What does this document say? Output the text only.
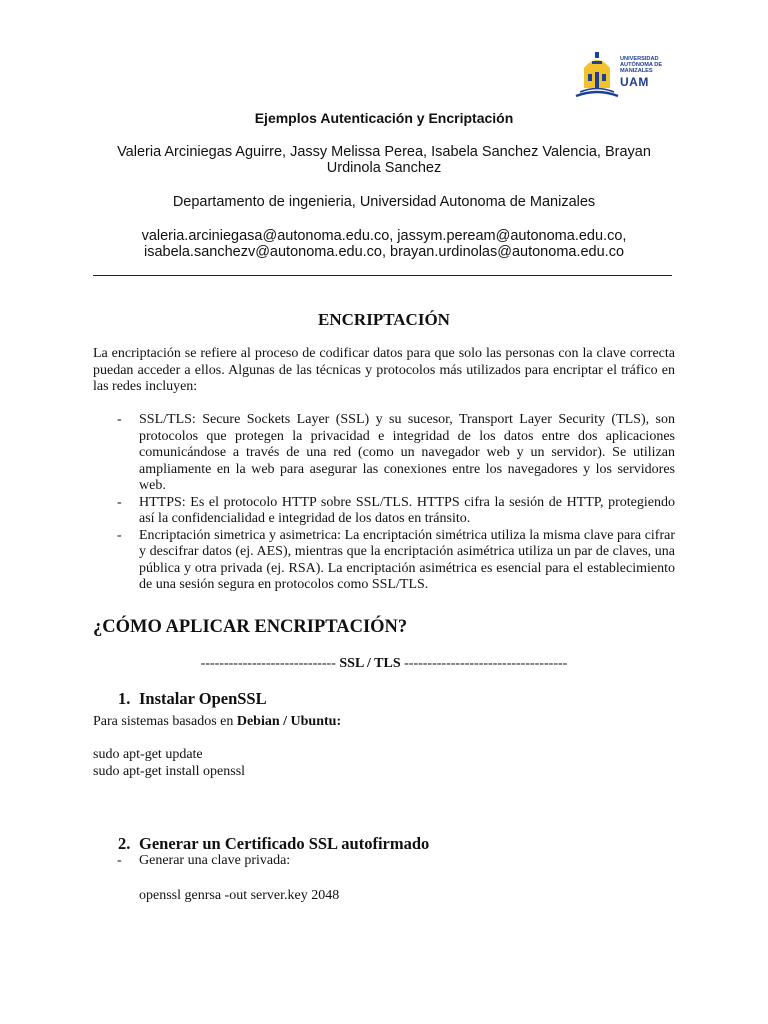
UNIVERSIDAD
AUTÓNOMA DE
MANIZALES
UAM
Ejemplos Autenticación y Encriptación
Valeria Arciniegas Aguirre, Jassy Melissa Perea, Isabela Sanchez Valencia, Brayan
Urdinola Sanchez
Departamento de ingenieria, Universidad Autonoma de Manizales
valeria.arciniegasa@autonoma.edu.co, jassym.peream@autonoma.edu.co,
isabela.sanchezv@autonoma.edu.co, brayan.urdinolas@autonoma.edu.co
ENCRIPTACIÓN
La encriptación se refiere al proceso de codificar datos para que solo las personas con la clave correcta puedan acceder a ellos. Algunas de las técnicas y protocolos más utilizados para encriptar el tráfico en las redes incluyen:
- SSL/TLS: Secure Sockets Layer (SSL) y su sucesor, Transport Layer Security (TLS), son protocolos que protegen la privacidad e integridad de los datos entre dos aplicaciones comunicándose a través de una red (como un navegador web y un servidor). Se utilizan ampliamente en la web para asegurar las conexiones entre los navegadores y los servidores web.
- HTTPS: Es el protocolo HTTP sobre SSL/TLS. HTTPS cifra la sesión de HTTP, protegiendo así la confidencialidad e integridad de los datos en tránsito.
- Encriptación simetrica y asimetrica: La encriptación simétrica utiliza la misma clave para cifrar y descifrar datos (ej. AES), mientras que la encriptación asimétrica utiliza un par de claves, una pública y otra privada (ej. RSA). La encriptación asimétrica es esencial para el establecimiento de una sesión segura en protocolos como SSL/TLS.
¿CÓMO APLICAR ENCRIPTACIÓN?
----------------------------- SSL / TLS -----------------------------------
1. Instalar OpenSSL
Para sistemas basados en Debian / Ubuntu:
sudo apt-get update
sudo apt-get install openssl
2. Generar un Certificado SSL autofirmado
- Generar una clave privada:
openssl genrsa -out server.key 2048
